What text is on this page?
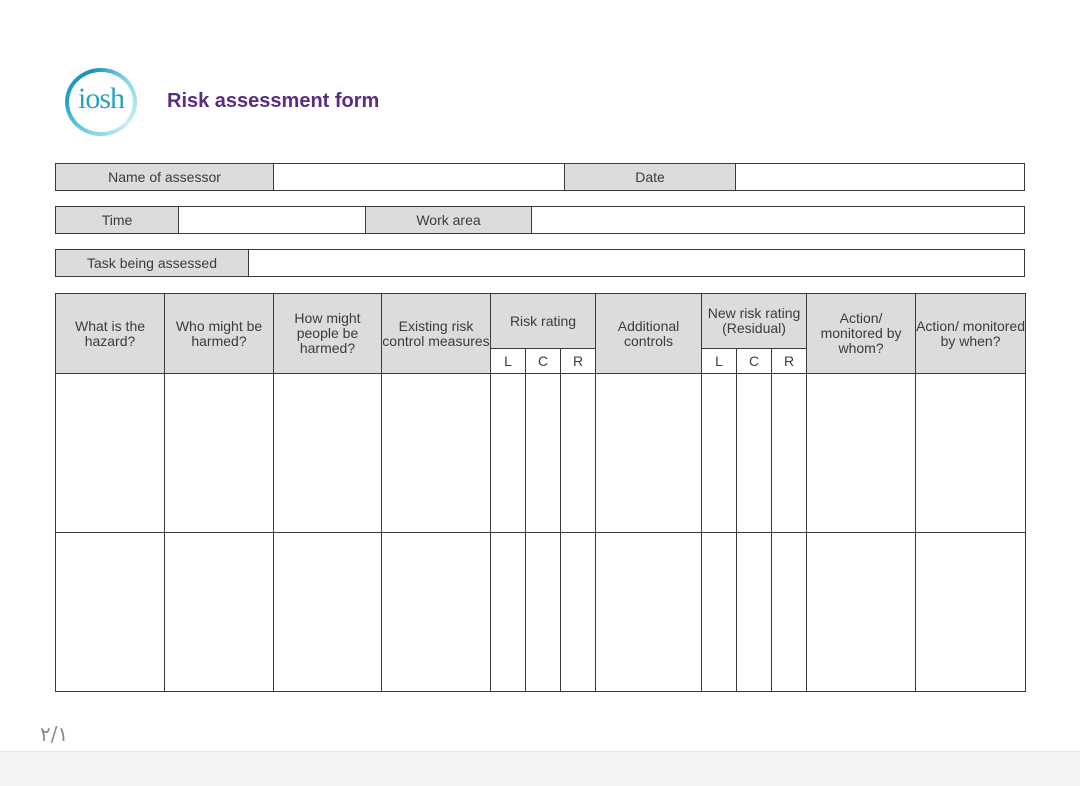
iosh	Risk assessment form
Name of assessor	Date
Time	Work area
Task being assessed
What is the hazard?	Who might be harmed?	How might people be harmed?	Existing risk control measures	Risk rating			Additional controls	New risk rating (Residual)			Action/ monitored by whom?	Action/ monitored by when?
				L	C	R		L	C	R		

۲/۱
